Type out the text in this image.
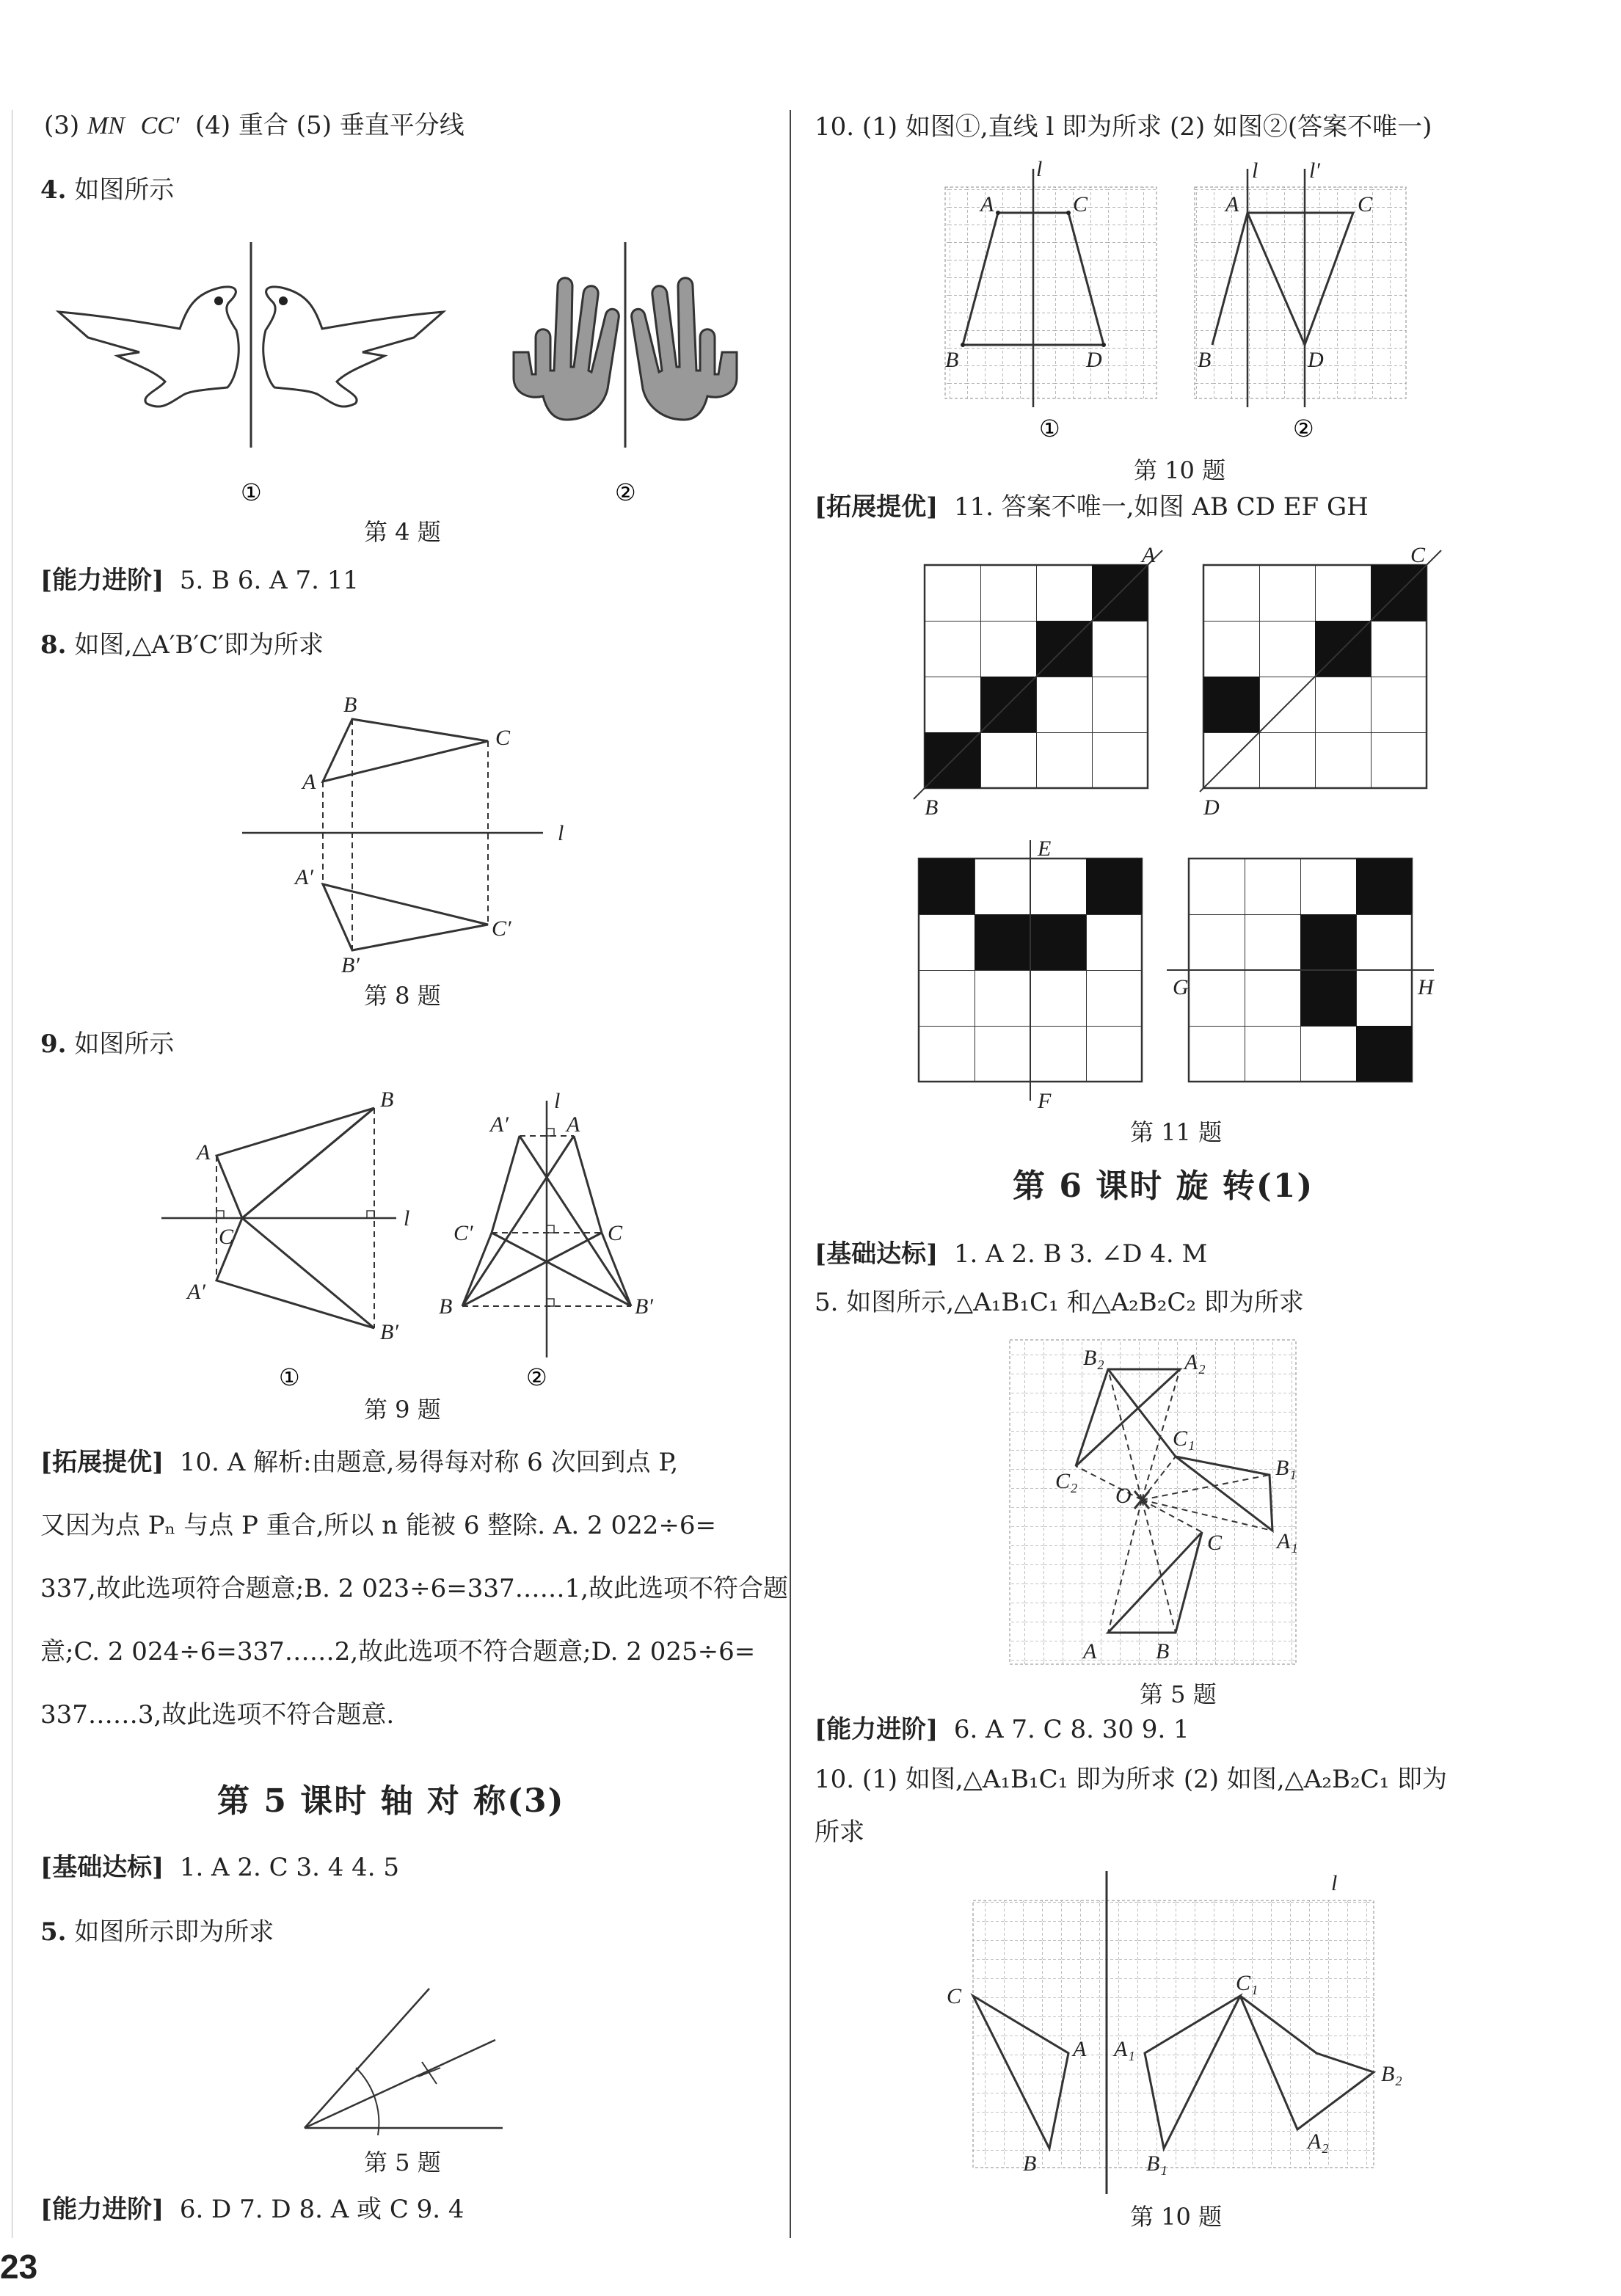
(3) MN CC′ (4) 重合 (5) 垂直平分线
4. 如图所示
①	②
第 4 题
[能力进阶] 5. B 6. A 7. 11
8. 如图,△A′B′C′即为所求
B
C
A
l
A′
C′
B′
第 8 题
9. 如图所示
A
B
C
l
A′
B′
l
A′	A
C′	C
B	B′
①	②
第 9 题
[拓展提优] 10. A 解析:由题意,易得每对称 6 次回到点 P,
又因为点 Pₙ 与点 P 重合,所以 n 能被 6 整除. A. 2 022÷6=
337,故此选项符合题意;B. 2 023÷6=337……1,故此选项不符合题
意;C. 2 024÷6=337……2,故此选项不符合题意;D. 2 025÷6=
337……3,故此选项不符合题意.
第 5 课时 轴 对 称(3)
[基础达标] 1. A 2. C 3. 4 4. 5
5. 如图所示即为所求
第 5 题
[能力进阶] 6. D 7. D 8. A 或 C 9. 4
10. (1) 如图①,直线 l 即为所求 (2) 如图②(答案不唯一)
l
A	C
B	D
l l′
A	C
B	D
①	②
第 10 题
[拓展提优] 11. 答案不唯一,如图 AB CD EF GH
A
B
C
D
E
F
G	H
第 11 题
第 6 课时 旋 转(1)
[基础达标] 1. A 2. B 3. ∠D 4. M
5. 如图所示,△A₁B₁C₁ 和△A₂B₂C₂ 即为所求
A	B
C
O
A₁
B₁
C₁
A₂
B₂
C₂
第 5 题
[能力进阶] 6. A 7. C 8. 30 9. 1
10. (1) 如图,△A₁B₁C₁ 即为所求 (2) 如图,△A₂B₂C₁ 即为
所求
l
C
A
B
A₁
B₁
C₁
B₂
A₂
第 10 题
23
